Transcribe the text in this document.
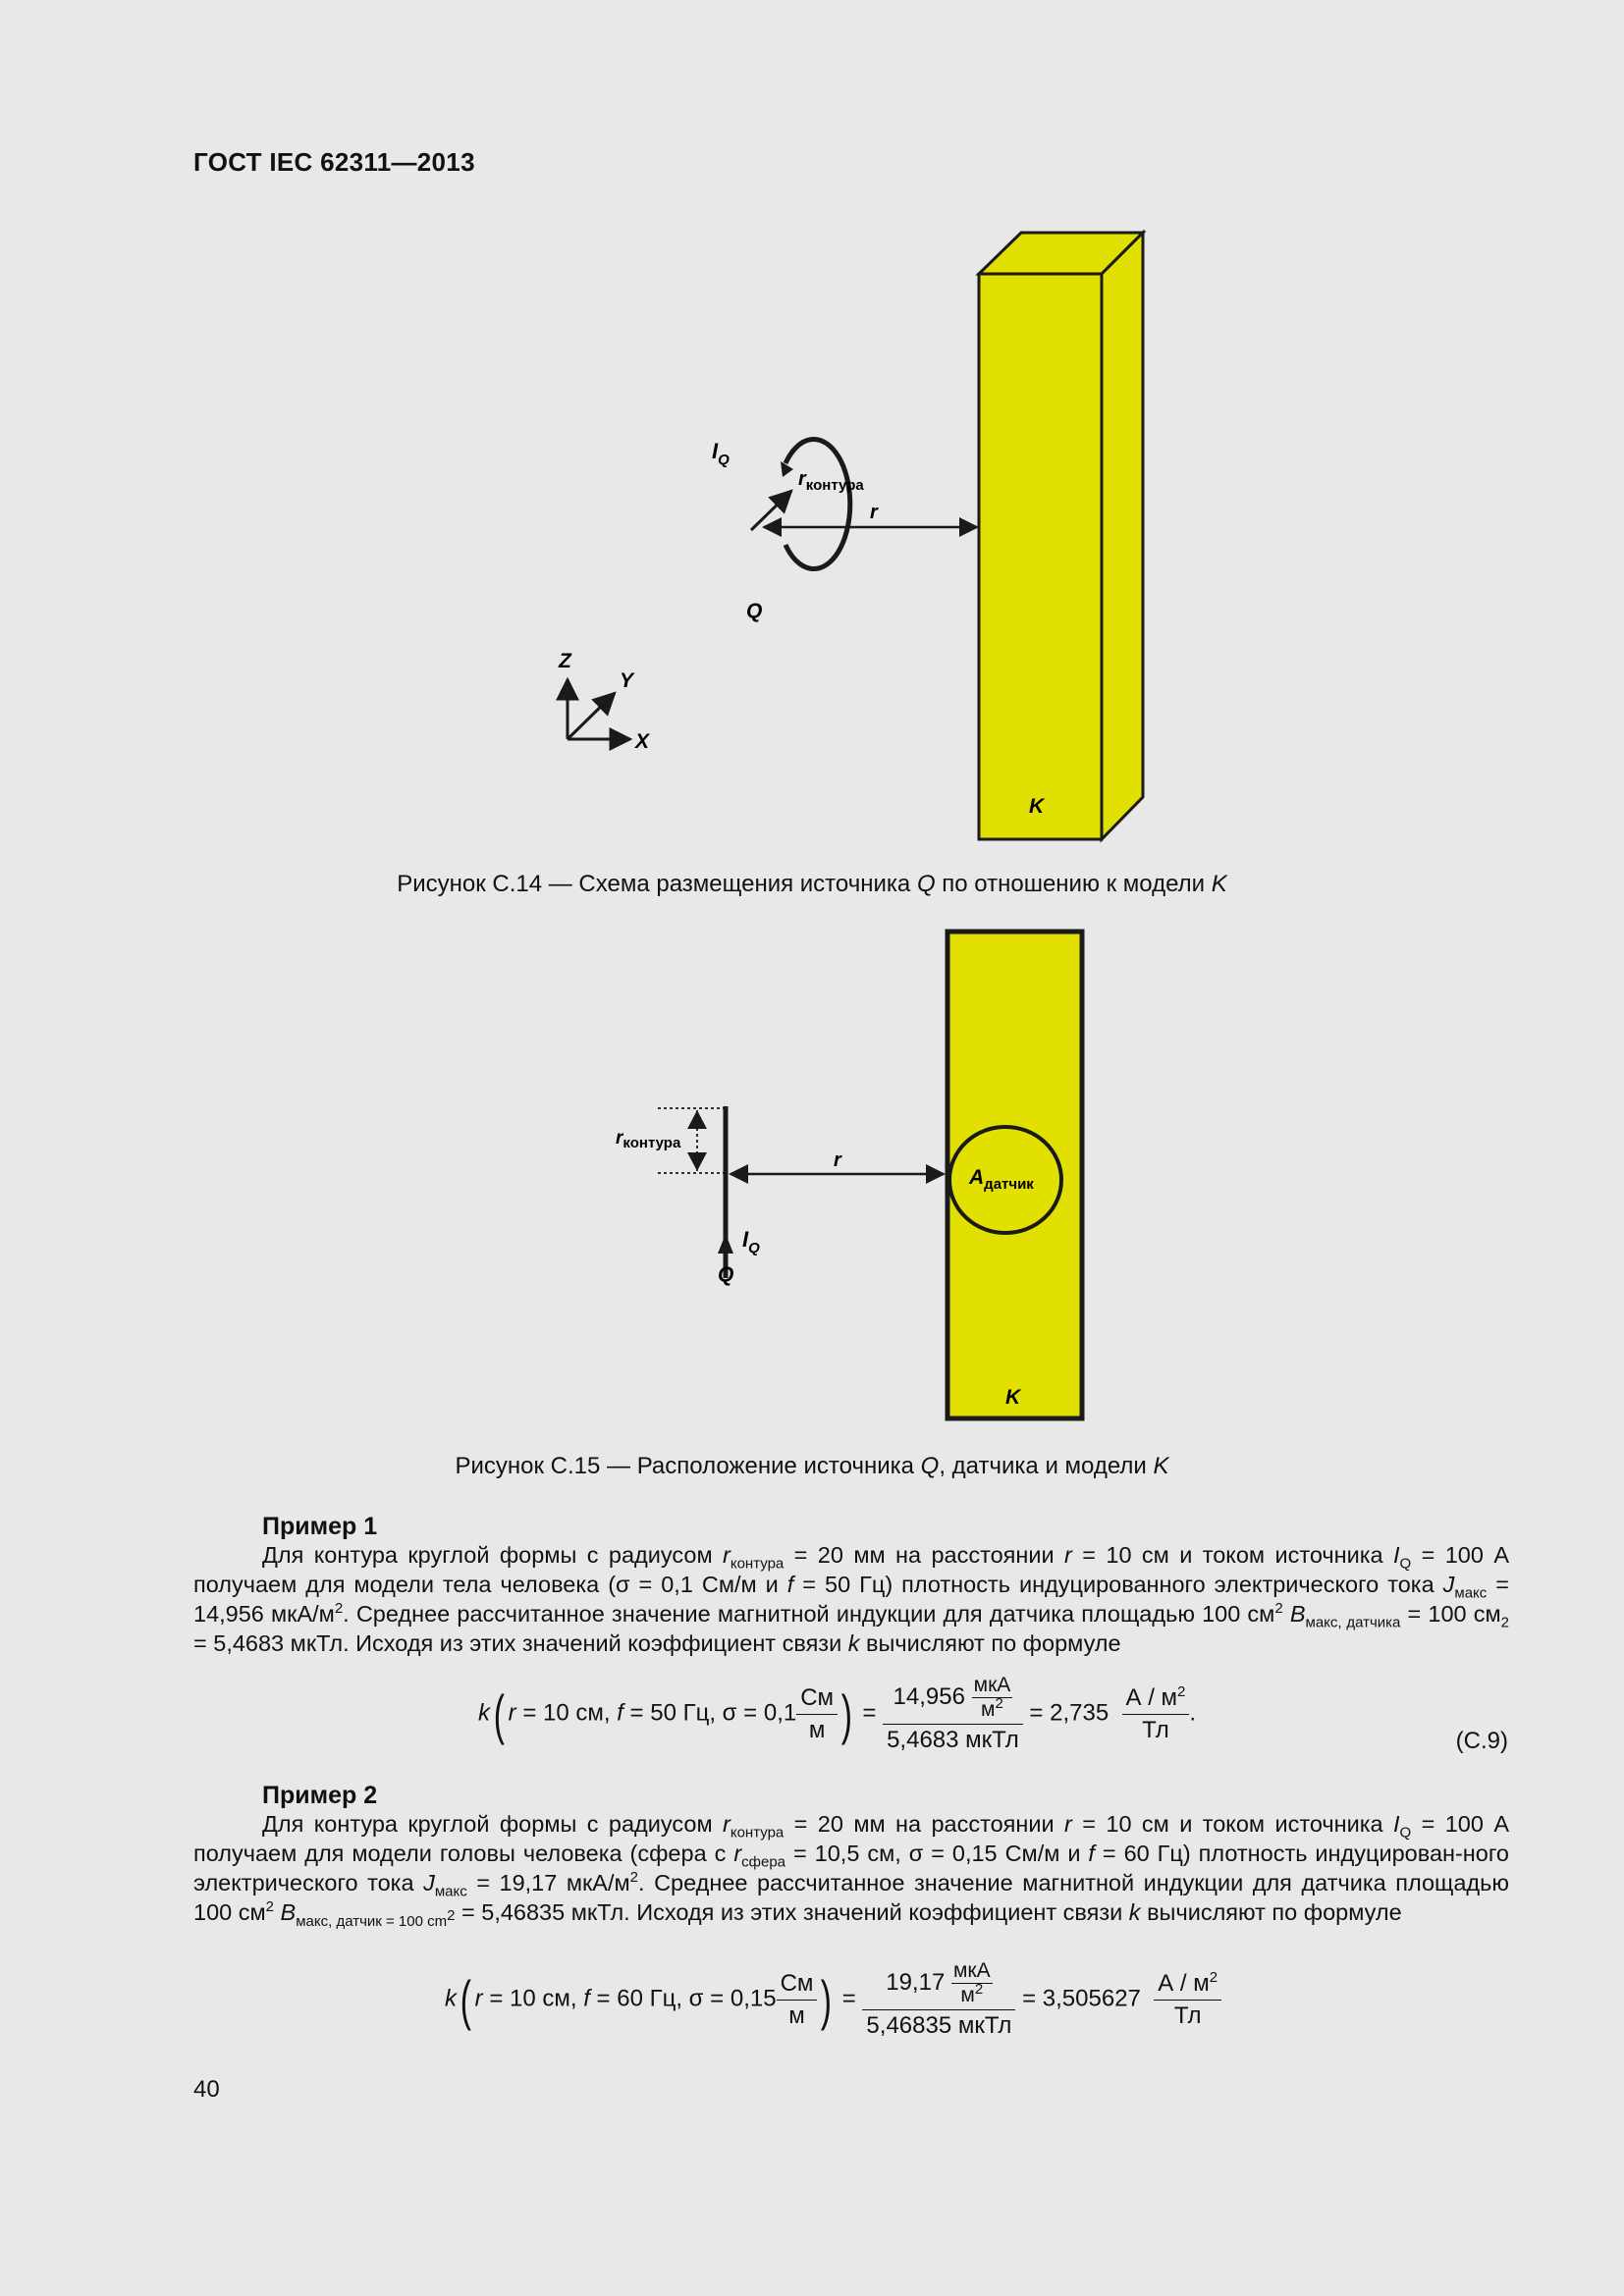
ГОСТ IEC 62311—2013
K
$I_Q$
$r_{контура}$
r
Q
Z
Y
X
Рисунок С.14 — Схема размещения источника Q по отношению к модели K
$A_{датчик}$
K
$r_{контура}$
r
$I_Q$
Q
Рисунок С.15 — Расположение источника Q, датчика и модели K
Пример 1
Для контура круглой формы с радиусом $r_{контура} = 20$ мм на расстоянии r = 10 см и током источника $I_Q = 100$ А получаем для модели тела человека (σ = 0,1 См/м и f = 50 Гц) плотность индуцированного электрического тока $J_{макс} = 14,956$ мкА/$м^2$. Среднее рассчитанное значение магнитной индукции для датчика площадью 100 $см^2$ $B_{макс, датчика} = 100$ $см_2 = 5,4683$ мкТл. Исходя из этих значений коэффициент связи k вычисляют по формуле
k( r = 10 см, f = 50 Гц, $\sigma = 0,1 \frac{См}{м}$ ) = $\frac{14,956 \frac{\text{мкА}}{м^2}}{\text{5,4683 мкТл}} = 2,735 \frac{А / м^2}{Тл}$ .
(С.9)
Пример 2
Для контура круглой формы с радиусом $r_{контура} = 20$ мм на расстоянии r = 10 см и током источника $I_Q = 100$ А получаем для модели головы человека (сфера с $r_{сфера} = 10,5$ см, σ = 0,15 См/м и f = 60 Гц) плотность индуцирован-ного электрического тока $J_{макс} = 19,17$ мкА/$м^2$. Среднее рассчитанное значение магнитной индукции для датчика площадью 100 $см^2$ $B_{макс, датчик = 100 cm^2} = 5,46835$ мкТл. Исходя из этих значений коэффициент связи k вычисляют по формуле
k( r = 10 см, f = 60 Гц, $\sigma = 0,15 \frac{См}{м}$ ) = $\frac{19,17 \frac{\text{мкА}}{м^2}}{\text{5,46835 мкТл}} = 3,505627 \frac{А / м^2}{Тл}$
40
